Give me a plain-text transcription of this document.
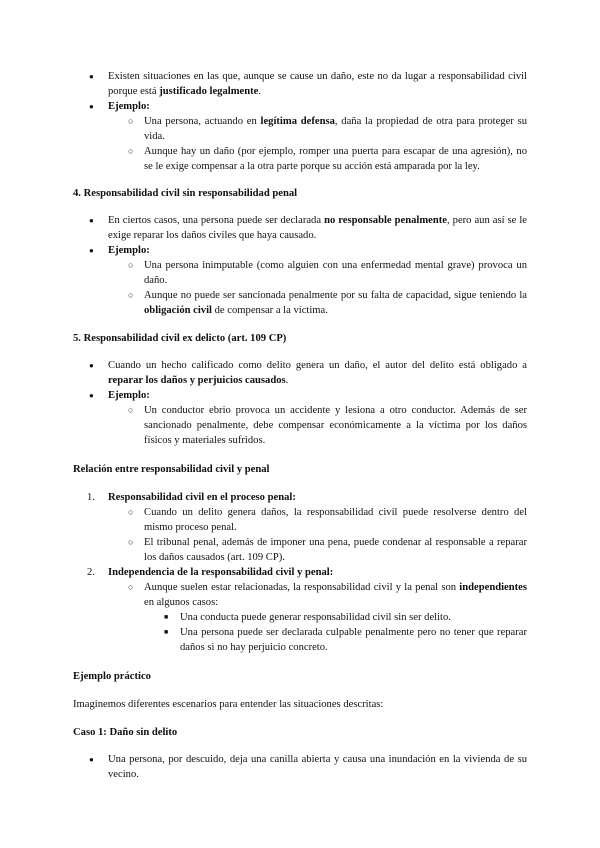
● Existen situaciones en las que, aunque se cause un daño, este no da lugar a responsabilidad civil porque está justificado legalmente.
● Ejemplo:
○ Una persona, actuando en legítima defensa, daña la propiedad de otra para proteger su vida.
○ Aunque hay un daño (por ejemplo, romper una puerta para escapar de una agresión), no se le exige compensar a la otra parte porque su acción está amparada por la ley.
4. Responsabilidad civil sin responsabilidad penal
● En ciertos casos, una persona puede ser declarada no responsable penalmente, pero aun así se le exige reparar los daños civiles que haya causado.
● Ejemplo:
○ Una persona inimputable (como alguien con una enfermedad mental grave) provoca un daño.
○ Aunque no puede ser sancionada penalmente por su falta de capacidad, sigue teniendo la obligación civil de compensar a la víctima.
5. Responsabilidad civil ex delicto (art. 109 CP)
● Cuando un hecho calificado como delito genera un daño, el autor del delito está obligado a reparar los daños y perjuicios causados.
● Ejemplo:
○ Un conductor ebrio provoca un accidente y lesiona a otro conductor. Además de ser sancionado penalmente, debe compensar económicamente a la víctima por los daños físicos y materiales sufridos.
Relación entre responsabilidad civil y penal
1. Responsabilidad civil en el proceso penal:
○ Cuando un delito genera daños, la responsabilidad civil puede resolverse dentro del mismo proceso penal.
○ El tribunal penal, además de imponer una pena, puede condenar al responsable a reparar los daños causados (art. 109 CP).
2. Independencia de la responsabilidad civil y penal:
○ Aunque suelen estar relacionadas, la responsabilidad civil y la penal son independientes en algunos casos:
■ Una conducta puede generar responsabilidad civil sin ser delito.
■ Una persona puede ser declarada culpable penalmente pero no tener que reparar daños si no hay perjuicio concreto.
Ejemplo práctico
Imaginemos diferentes escenarios para entender las situaciones descritas:
Caso 1: Daño sin delito
● Una persona, por descuido, deja una canilla abierta y causa una inundación en la vivienda de su vecino.
